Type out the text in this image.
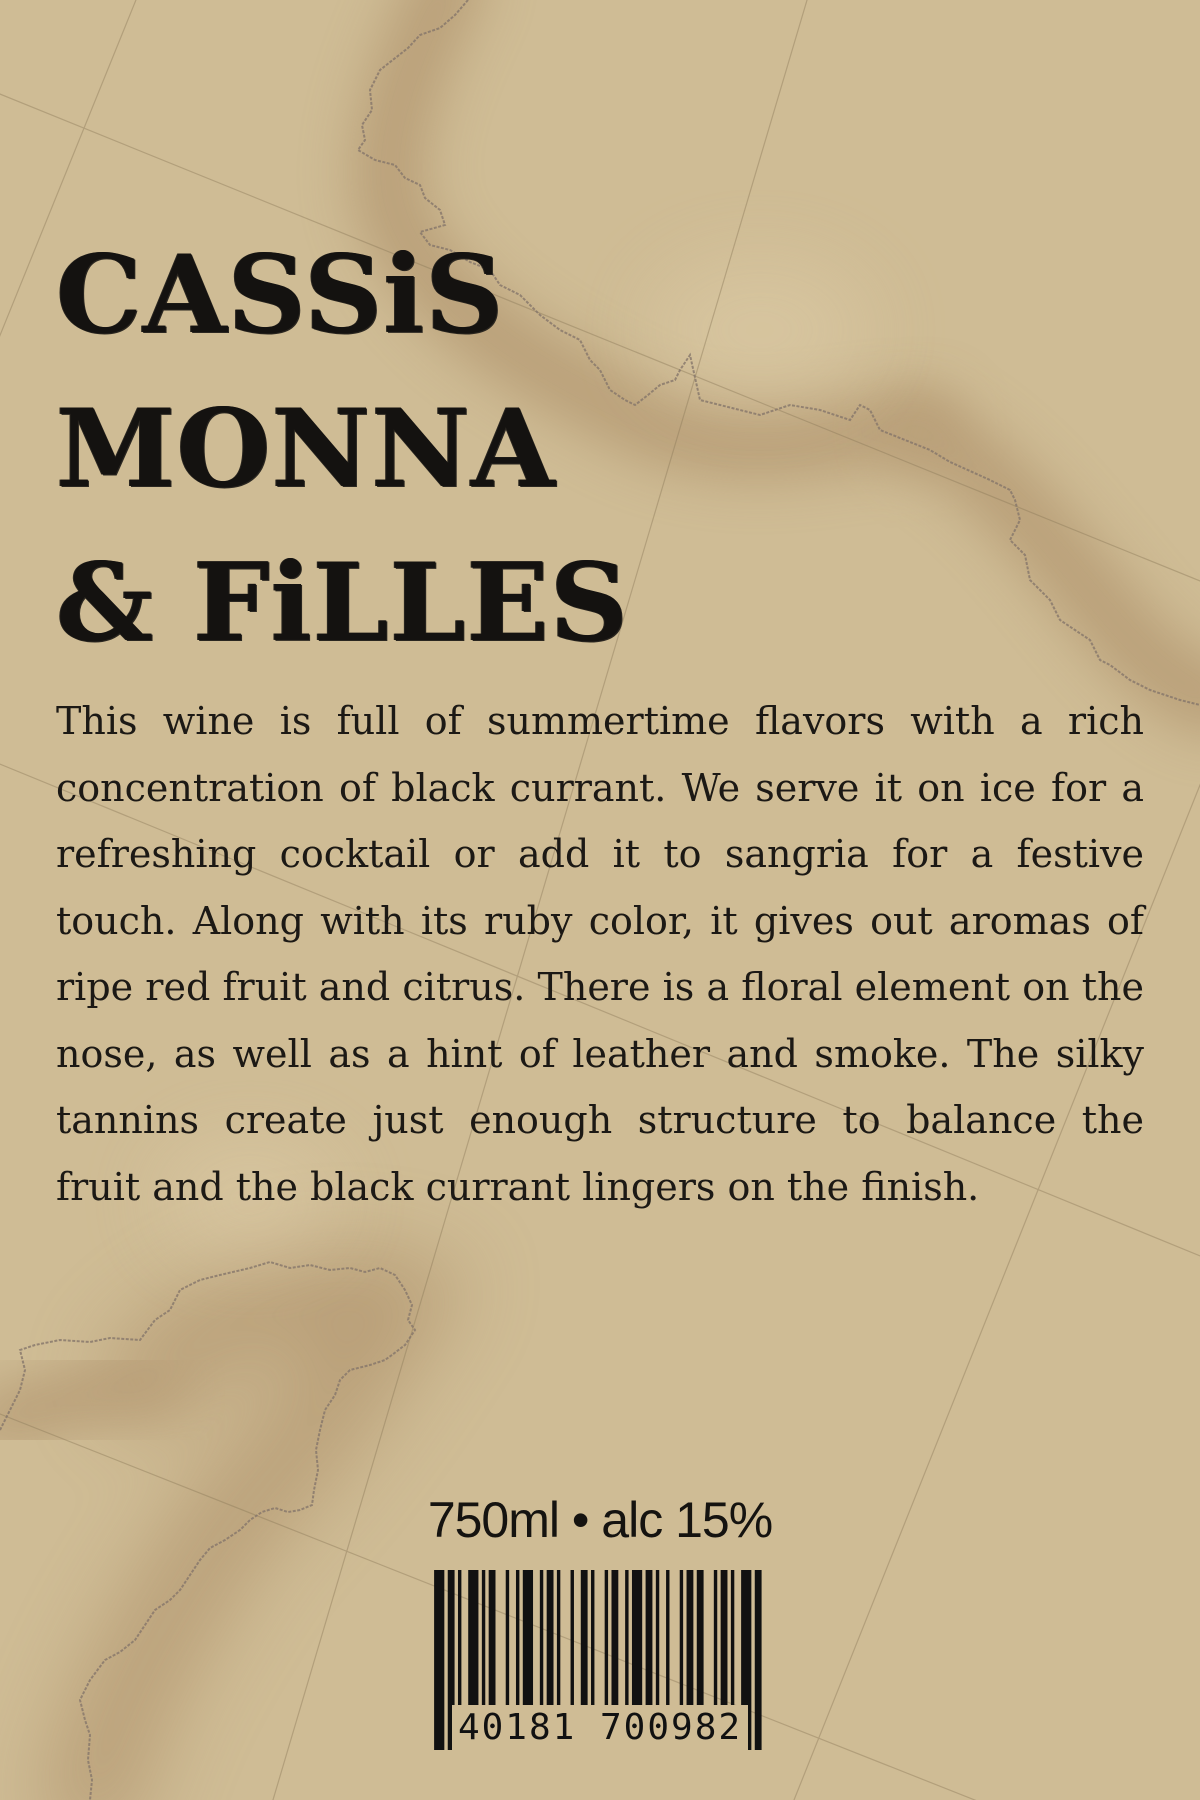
CASSiS
MONNA
& FiLLES

This wine is full of summertime flavors with a rich concentration of black currant. We serve it on ice for a refreshing cocktail or add it to sangria for a festive touch. Along with its ruby color, it gives out aromas of ripe red fruit and citrus. There is a floral element on the nose, as well as a hint of leather and smoke. The silky tannins create just enough structure to balance the fruit and the black currant lingers on the finish.

750ml • alc 15%
40181 700982
